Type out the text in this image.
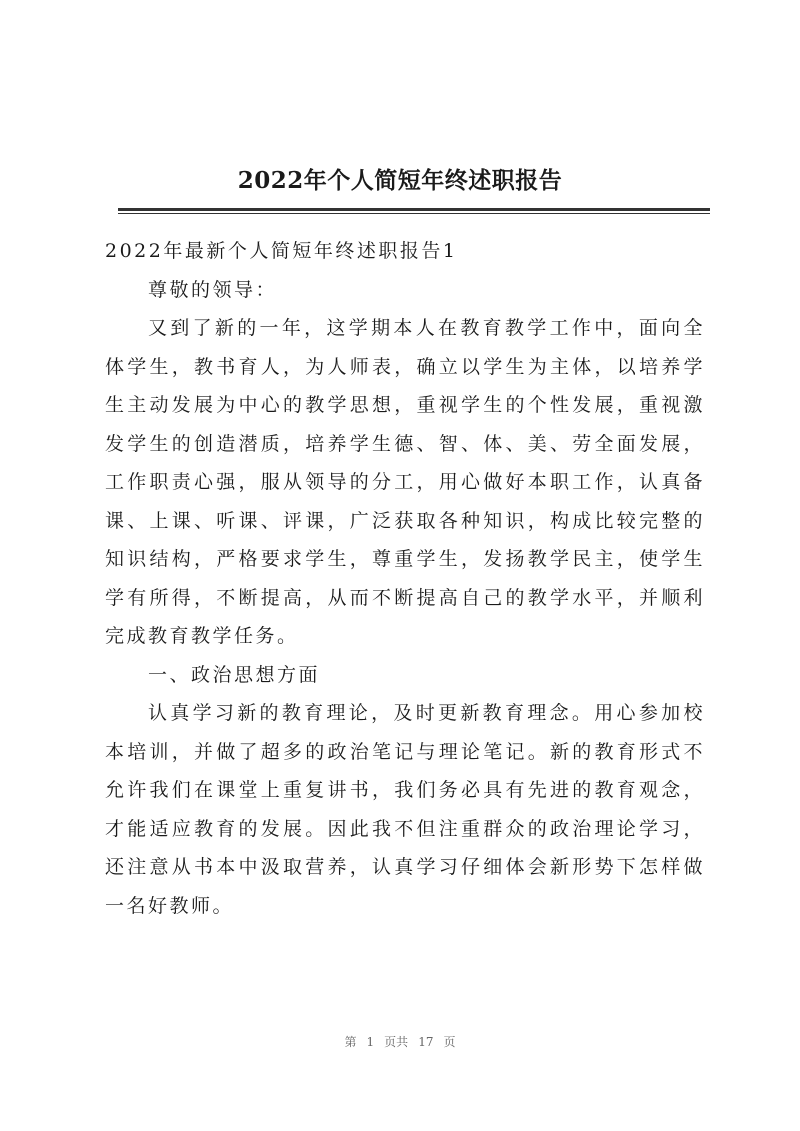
2022年个人简短年终述职报告

2022年最新个人简短年终述职报告1

尊敬的领导：

又到了新的一年，这学期本人在教育教学工作中，面向全体学生，教书育人，为人师表，确立以学生为主体，以培养学生主动发展为中心的教学思想，重视学生的个性发展，重视激发学生的创造潜质，培养学生德、智、体、美、劳全面发展，工作职责心强，服从领导的分工，用心做好本职工作，认真备课、上课、听课、评课，广泛获取各种知识，构成比较完整的知识结构，严格要求学生，尊重学生，发扬教学民主，使学生学有所得，不断提高，从而不断提高自己的教学水平，并顺利完成教育教学任务。

一、政治思想方面

认真学习新的教育理论，及时更新教育理念。用心参加校本培训，并做了超多的政治笔记与理论笔记。新的教育形式不允许我们在课堂上重复讲书，我们务必具有先进的教育观念，才能适应教育的发展。因此我不但注重群众的政治理论学习，还注意从书本中汲取营养，认真学习仔细体会新形势下怎样做一名好教师。

第 1 页共 17 页
